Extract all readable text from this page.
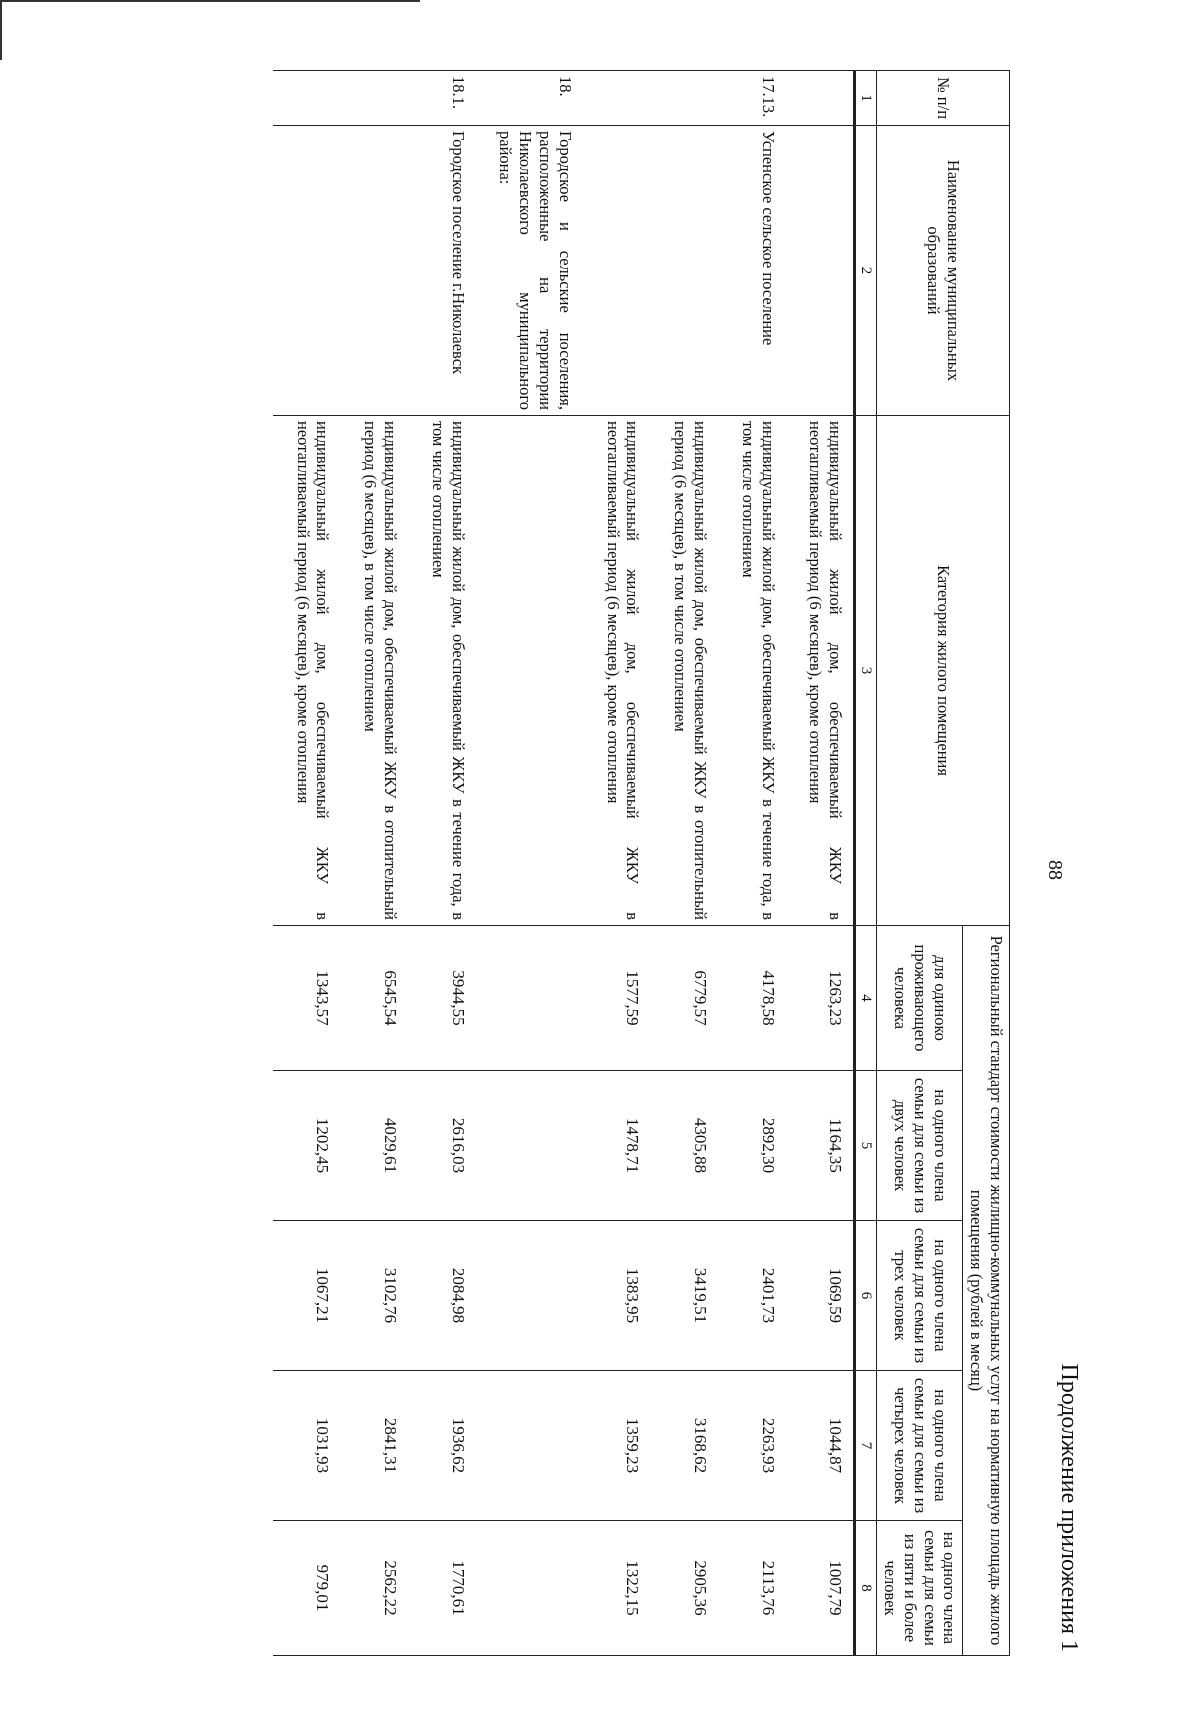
88
Продолжение приложения 1
№ п/п	Наименование муниципальных образований	Категория жилого помещения	Региональный стандарт стоимости жилищно-коммунальных услуг на нормативную площадь жилого помещения (рублей в месяц)				
			для одиноко проживающего человека	на одного члена семьи для семьи из двух человек	на одного члена семьи для семьи из трех человек	на одного члена семьи для семьи из четырех человек	на одного члена семьи для семьи из пяти и более человек
1	2	3	4	5	6	7	8
		индивидуальный жилой дом, обеспечиваемый ЖКУ в неотапливаемый период (6 месяцев), кроме отопления	1263,23	1164,35	1069,59	1044,87	1007,79
17.13.	Успенское сельское поселение	индивидуальный жилой дом, обеспечиваемый ЖКУ в течение года, в том числе отоплением	4178,58	2892,30	2401,73	2263,93	2113,76
		индивидуальный жилой дом, обеспечиваемый ЖКУ в отопительный период (6 месяцев), в том числе отоплением	6779,57	4305,88	3419,51	3168,62	2905,36
		индивидуальный жилой дом, обеспечиваемый ЖКУ в неотапливаемый период (6 месяцев), кроме отопления	1577,59	1478,71	1383,95	1359,23	1322,15
18.	Городское и сельские поселения, расположенные на территории Николаевского муниципального района:						
18.1.	Городское поселение г.Николаевск	индивидуальный жилой дом, обеспечиваемый ЖКУ в течение года, в том числе отоплением	3944,55	2616,03	2084,98	1936,62	1770,61
		индивидуальный жилой дом, обеспечиваемый ЖКУ в отопительный период (6 месяцев), в том числе отоплением	6545,54	4029,61	3102,76	2841,31	2562,22
		индивидуальный жилой дом, обеспечиваемый ЖКУ в неотапливаемый период (6 месяцев), кроме отопления	1343,57	1202,45	1067,21	1031,93	979,01
